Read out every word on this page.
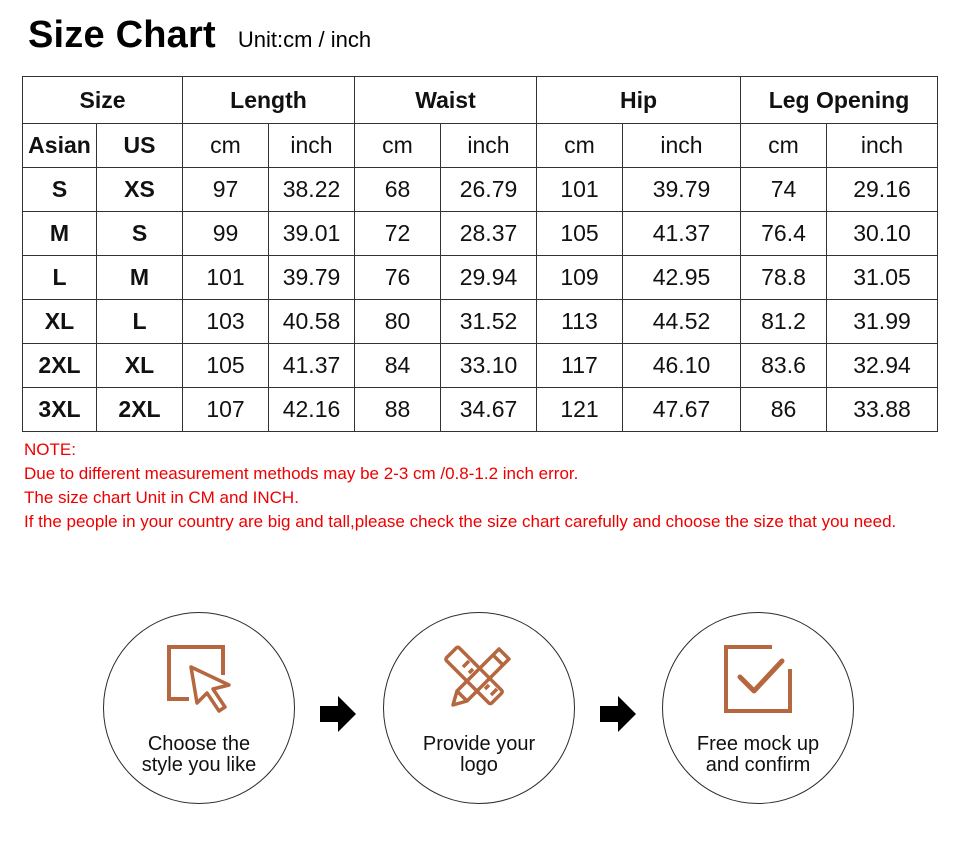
Size Chart Unit:cm / inch
Size		Length		Waist		Hip		Leg Opening	
Asian	US	cm	inch	cm	inch	cm	inch	cm	inch
S	XS	97	38.22	68	26.79	101	39.79	74	29.16
M	S	99	39.01	72	28.37	105	41.37	76.4	30.10
L	M	101	39.79	76	29.94	109	42.95	78.8	31.05
XL	L	103	40.58	80	31.52	113	44.52	81.2	31.99
2XL	XL	105	41.37	84	33.10	117	46.10	83.6	32.94
3XL	2XL	107	42.16	88	34.67	121	47.67	86	33.88

NOTE:

Due to different measurement methods may be 2-3 cm /0.8-1.2 inch error.

The size chart Unit in CM and INCH.

If the people in your country are big and tall,please check the size chart carefully and choose the size that you need.

Choose the
style you like
Provide your
logo
Free mock up
and confirm
